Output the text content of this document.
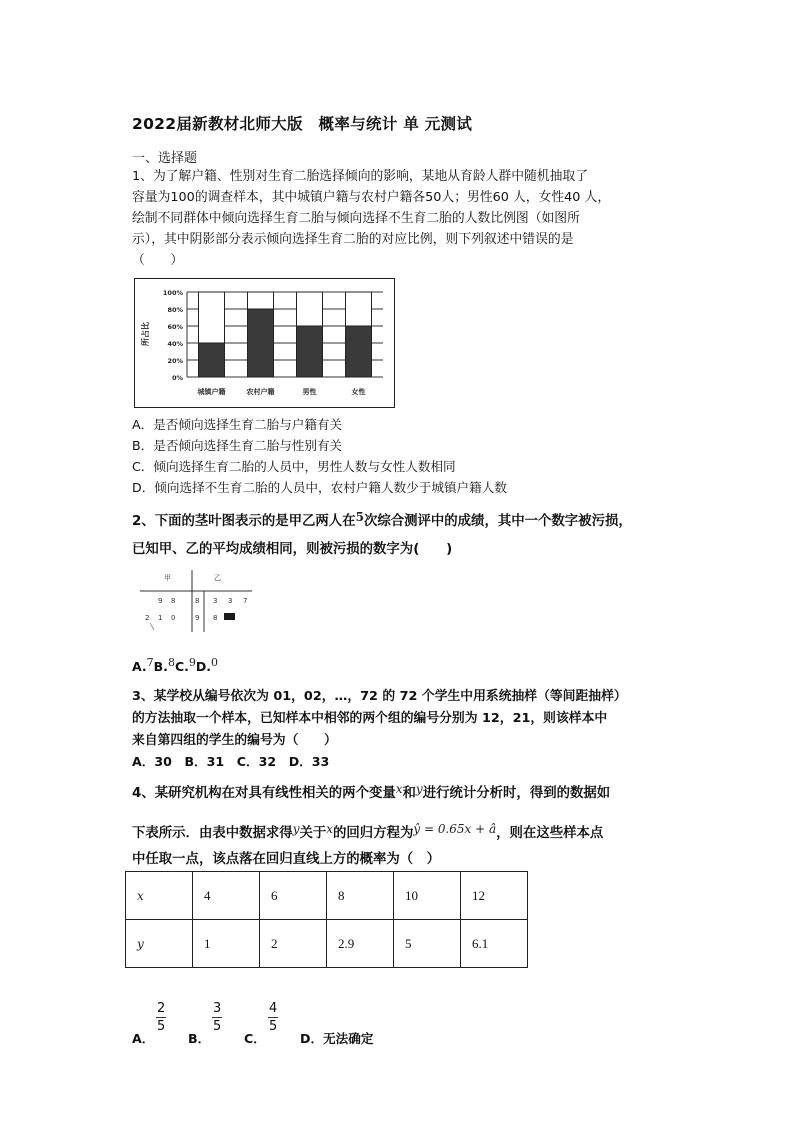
2022届新教材北师大版　概率与统计 单 元测试
一、选择题
1、为了解户籍、性别对生育二胎选择倾向的影响，某地从育龄人群中随机抽取了
容量为100的调查样本，其中城镇户籍与农村户籍各50人；男性60 人，女性40 人，
绘制不同群体中倾向选择生育二胎与倾向选择不生育二胎的人数比例图（如图所
示），其中阴影部分表示倾向选择生育二胎的对应比例，则下列叙述中错误的是
（　　）
所占比
0%
20%
40%
60%
80%
100%
城镇户籍	农村户籍	男性	女性
A．是否倾向选择生育二胎与户籍有关
B．是否倾向选择生育二胎与性别有关
C．倾向选择生育二胎的人员中，男性人数与女性人数相同
D．倾向选择不生育二胎的人员中，农村户籍人数少于城镇户籍人数
2、下面的茎叶图表示的是甲乙两人在5次综合测评中的成绩，其中一个数字被污损，
已知甲、乙的平均成绩相同，则被污损的数字为(　　)
甲	乙
9 8	8 3 3 7
2 1 0	9 8
A.7B.8C.9D.0
3、某学校从编号依次为 01，02，…，72 的 72 个学生中用系统抽样（等间距抽样）
的方法抽取一个样本，已知样本中相邻的两个组的编号分别为 12，21，则该样本中
来自第四组的学生的编号为（　　）
A．30　B．31　C．32　D．33
4、某研究机构在对具有线性相关的两个变量x和y进行统计分析时，得到的数据如
下表所示．由表中数据求得y关于x的回归方程为ŷ = 0.65x + â，则在这些样本点
中任取一点，该点落在回归直线上方的概率为（　）
x	4	6	8	10	12
y	1	2	2.9	5	6.1
A．
$\frac{2}{5}$
B．
$\frac{3}{5}$
C．
$\frac{4}{5}$
D．无法确定
